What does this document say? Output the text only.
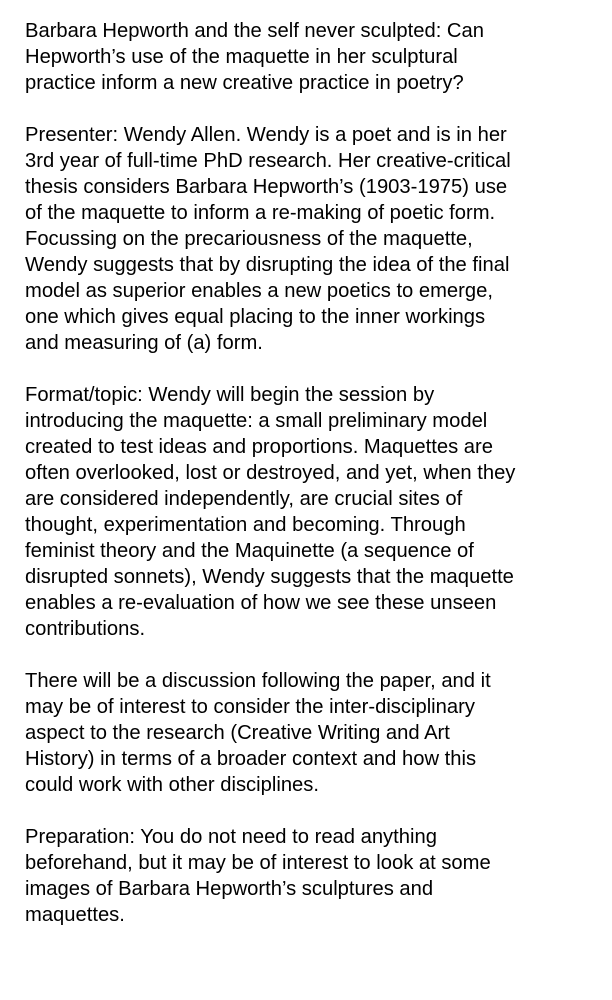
Barbara Hepworth and the self never sculpted: Can
Hepworth’s use of the maquette in her sculptural
practice inform a new creative practice in poetry?

Presenter: Wendy Allen. Wendy is a poet and is in her
3rd year of full-time PhD research. Her creative-critical
thesis considers Barbara Hepworth’s (1903-1975) use
of the maquette to inform a re-making of poetic form.
Focussing on the precariousness of the maquette,
Wendy suggests that by disrupting the idea of the final
model as superior enables a new poetics to emerge,
one which gives equal placing to the inner workings
and measuring of (a) form.

Format/topic: Wendy will begin the session by
introducing the maquette: a small preliminary model
created to test ideas and proportions. Maquettes are
often overlooked, lost or destroyed, and yet, when they
are considered independently, are crucial sites of
thought, experimentation and becoming. Through
feminist theory and the Maquinette (a sequence of
disrupted sonnets), Wendy suggests that the maquette
enables a re-evaluation of how we see these unseen
contributions.

There will be a discussion following the paper, and it
may be of interest to consider the inter-disciplinary
aspect to the research (Creative Writing and Art
History) in terms of a broader context and how this
could work with other disciplines.

Preparation: You do not need to read anything
beforehand, but it may be of interest to look at some
images of Barbara Hepworth’s sculptures and
maquettes.
